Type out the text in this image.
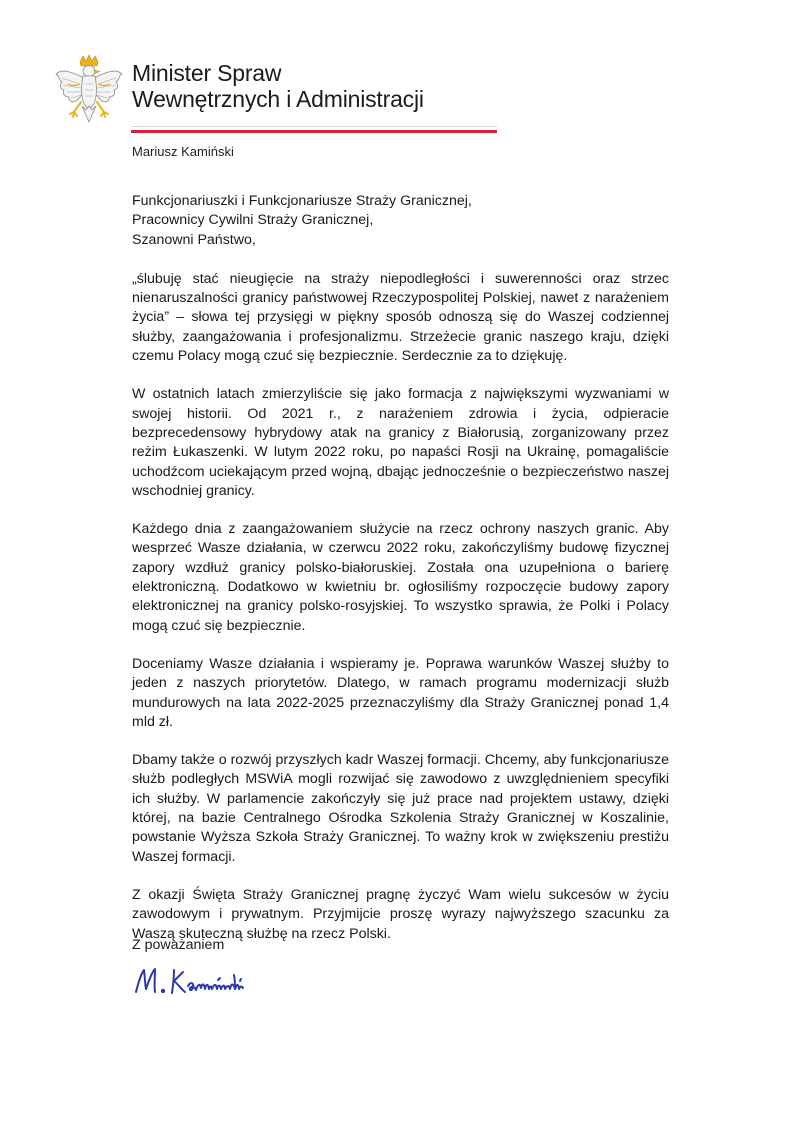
Minister Spraw
Wewnętrznych i Administracji
Mariusz Kamiński
Funkcjonariuszki i Funkcjonariusze Straży Granicznej,
Pracownicy Cywilni Straży Granicznej,
Szanowni Państwo,

„ślubuję stać nieugięcie na straży niepodległości i suwerenności oraz strzec nienaruszalności granicy państwowej Rzeczypospolitej Polskiej, nawet z narażeniem życia” – słowa tej przysięgi w piękny sposób odnoszą się do Waszej codziennej służby, zaangażowania i profesjonalizmu. Strzeżecie granic naszego kraju, dzięki czemu Polacy mogą czuć się bezpiecznie. Serdecznie za to dziękuję.

W ostatnich latach zmierzyliście się jako formacja z największymi wyzwaniami w swojej historii. Od 2021 r., z narażeniem zdrowia i życia, odpieracie bezprecedensowy hybrydowy atak na granicy z Białorusią, zorganizowany przez reżim Łukaszenki. W lutym 2022 roku, po napaści Rosji na Ukrainę, pomagaliście uchodźcom uciekającym przed wojną, dbając jednocześnie o bezpieczeństwo naszej wschodniej granicy.

Każdego dnia z zaangażowaniem służycie na rzecz ochrony naszych granic. Aby wesprzeć Wasze działania, w czerwcu 2022 roku, zakończyliśmy budowę fizycznej zapory wzdłuż granicy polsko-białoruskiej. Została ona uzupełniona o barierę elektroniczną. Dodatkowo w kwietniu br. ogłosiliśmy rozpoczęcie budowy zapory elektronicznej na granicy polsko-rosyjskiej. To wszystko sprawia, że Polki i Polacy mogą czuć się bezpiecznie.

Doceniamy Wasze działania i wspieramy je. Poprawa warunków Waszej służby to jeden z naszych priorytetów. Dlatego, w ramach programu modernizacji służb mundurowych na lata 2022-2025 przeznaczyliśmy dla Straży Granicznej ponad 1,4 mld zł.

Dbamy także o rozwój przyszłych kadr Waszej formacji. Chcemy, aby funkcjonariusze służb podległych MSWiA mogli rozwijać się zawodowo z uwzględnieniem specyfiki ich służby. W parlamencie zakończyły się już prace nad projektem ustawy, dzięki której, na bazie Centralnego Ośrodka Szkolenia Straży Granicznej w Koszalinie, powstanie Wyższa Szkoła Straży Granicznej. To ważny krok w zwiększeniu prestiżu Waszej formacji.

Z okazji Święta Straży Granicznej pragnę życzyć Wam wielu sukcesów w życiu zawodowym i prywatnym. Przyjmijcie proszę wyrazy najwyższego szacunku za Waszą skuteczną służbę na rzecz Polski.

Z poważaniem
